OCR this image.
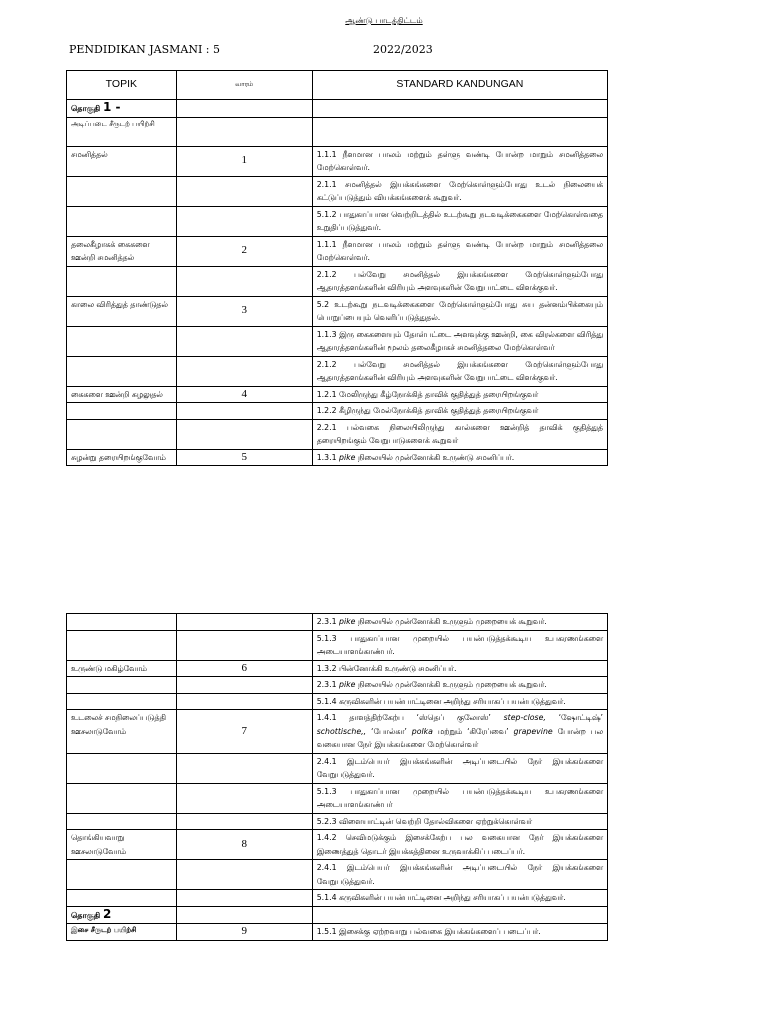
ஆண்டு பாடத்திட்டம்
PENDIDIKAN JASMANI : 5	2022/2023
TOPIK	வாரம்	STANDARD KANDUNGAN
தொகுதி 1 -		
அடிப்படை சீருடற் பயிற்சி		
சமனித்தல்	1	1.1.1 நீளமான பாலம் மற்றும் தள்ளு வண்டி போன்ற மாறும் சமனித்தலை மேற்கொள்வர்.
		2.1.1 சமனித்தல் இயக்கங்களை மேற்கொள்ளும்போது உடல் நிலையைக் கட்டுப்படுத்தும் வியக்கங்களைக் கூறுவர்.
		5.1.2 பாதுகாப்பான வெற்றிடத்தில் உடற்கூறு நடவடிக்கைகளை மேற்கொள்வதை உறுதிப்படுத்துவர்.
தலைகீழாகக் கைகளை ஊன்றி சமனித்தல்	2	1.1.1 நீளமான பாலம் மற்றும் தள்ளு வண்டி போன்ற மாறும் சமனித்தலை மேற்கொள்வர்.
		2.1.2 பல்வேறு சமனித்தல் இயக்கங்களை மேற்கொள்ளும்போது ஆதாரத்தளங்களின் விரியும் அளவுகளின் வேறுபாட்டை விளக்குவர்.
காலை விரித்துத் தாண்டுதல்	3	5.2 உடற்கூறு நடவடிக்கைகளை மேற்கொள்ளும்போது சுய தன்னம்பிக்கையும் பொறுப்பையும் வெளிப்படுத்துதல்.
		1.1.3 இரு கைகளையும் தோள்பட்டை அளவுக்கு ஊன்றி, கை விரல்களை விரித்து ஆதாரத்தளங்களின் மூலம் தலைகீழாகச் சமனித்தலை மேற்கொள்வர்
		2.1.2 பல்வேறு சமனித்தல் இயக்கங்களை மேற்கொள்ளும்போது ஆதாரத்தளங்களின் விரியும் அளவுகளின் வேறுபாட்டை விளக்குவர்.
கைகளை ஊன்றி சுழலுதல்	4	1.2.1 மேலிருந்து கீழ்நோக்கித் தாவிக் குதித்துத் தரையிறங்குவர்
		1.2.2 கீழிருந்து மேல்நோக்கித் தாவிக் குதித்துத் தரையிறங்குவர்
		2.2.1 பல்வகை நிலையிலிருந்து கால்களை ஊன்றித் தாவிக் குதித்துத் தரையிறங்கும் வேறுபாடுகளைக் கூறுவர்
சுழன்று தரையிறங்குவோம்	5	1.3.1 pike நிலையில் முன்னோக்கி உருண்டு சமனிப்பர்.
		2.3.1 pike நிலையில் முன்னோக்கி உருளும் முறையைக் கூறுவர்.
		5.1.3 பாதுகாப்பான முறையில் பயன்படுத்தக்கூடிய உபகரணங்களை அடையாளங்காண்பர்.
உருண்டு மகிழ்வோம்	6	1.3.2 பின்னோக்கி உருண்டு சமனிப்பர்.
		2.3.1 pike நிலையில் முன்னோக்கி உருளும் முறையைக் கூறுவர்.
		5.1.4 கருவிகளின் பயன்பாட்டினை அறிந்து சரியாகப் பயன்படுத்துவர்.
உடலைச் சமநிலைப்படுத்தி ஊசலாடுவோம்	7	1.4.1 தாளத்திற்கேற்ப ‘ஸ்தெப் குலோஸ்’ step-close, ‘ஷோட்டிஷ்’ schottische,, ‘போல்கா’ polka மற்றும் ‘கிரேப்வை’ grapevine போன்ற பல வகையான நேர் இயக்கங்களை மேற்கொள்வர்
		2.4.1 இடம்பெயர் இயக்கங்களின் அடிப்படையில் நேர் இயக்கங்களை வேறுபடுத்துவர்.
		5.1.3 பாதுகாப்பான முறையில் பயன்படுத்தக்கூடிய உபகரணங்களை அடையாளங்காண்பர்
		5.2.3 விளையாட்டின் வெற்றி தோல்விகளை ஏற்றுக்கொள்வர்
தொங்கியவாறு ஊசலாடுவோம்	8	1.4.2 செவிமடுக்கும் இசைக்கேற்ப பல வகையான நேர் இயக்கங்களை இணைத்துத் தொடர் இயக்கத்தினை உருவாக்கிப் படைப்பர்.
		2.4.1 இடம்பெயர் இயக்கங்களின் அடிப்படையில் நேர் இயக்கங்களை வேறுபடுத்துவர்.
		5.1.4 கருவிகளின் பயன்பாட்டினை அறிந்து சரியாகப் பயன்படுத்துவர்.
தொகுதி 2		
இசை சீருடற் பயிற்சி	9	1.5.1 இசைக்கு ஏற்றவாறு பல்வகை இயக்கங்களைப் படைப்பர்.
